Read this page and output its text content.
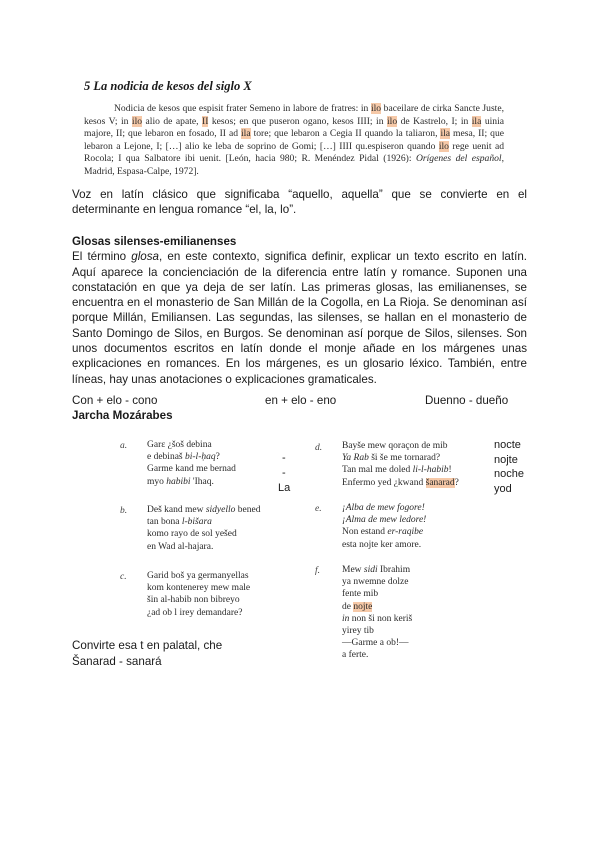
5 La nodicia de kesos del siglo X
Nodicia de kesos que espisit frater Semeno in labore de fratres: in ilo baceilare de cirka Sancte Juste, kesos V; in ilo alio de apate, II kesos; en que puseron ogano, kesos IIII; in ilo de Kastrelo, I; in ila uinia majore, II; que lebaron en fosado, II ad ila tore; que lebaron a Cegia II quando la taliaron, ila mesa, II; que lebaron a Lejone, I; […] alio ke leba de soprino de Gomi; […] IIII qu.espiseron quando ilo rege uenit ad Rocola; I qua Salbatore ibi uenit. [León, hacia 980; R. Menéndez Pidal (1926): Orígenes del español, Madrid, Espasa-Calpe, 1972].
Voz en latín clásico que significaba “aquello, aquella” que se convierte en el determinante en lengua romance “el, la, lo”.
Glosas silenses-emilianenses
El término glosa, en este contexto, significa definir, explicar un texto escrito en latín. Aquí aparece la concienciación de la diferencia entre latín y romance. Suponen una constatación en que ya deja de ser latín. Las primeras glosas, las emilianenses, se encuentra en el monasterio de San Millán de la Cogolla, en La Rioja. Se denominan así porque Millán, Emiliansen. Las segundas, las silenses, se hallan en el monasterio de Santo Domingo de Silos, en Burgos. Se denominan así porque de Silos, silenses. Son unos documentos escritos en latín donde el monje añade en los márgenes unas explicaciones en romances. En los márgenes, es un glosario léxico. También, entre líneas, hay unas anotaciones o explicaciones gramaticales.
Con + elo - cono	en + elo - eno	Duenno - dueño
Jarcha Mozárabes
a. Garε ¿šoš debina
e debinaš bi-l-ḥaq?
Garme kand me bernad
myo habibi 'Ihaq.
-
-
La
b. Deš kand mew sidyello bened
tan bona l-bišara
komo rayo de sol yešed
en Wad al-hajara.
c. Garid boš ya germanyellas
kom kontenerey mew male
šin al-habib non bibreyo
¿ad ob l irey demandare?
d. Bayše mew qoraçon de mib
Ya Rab ši še me tornarad?
Tan mal me doled li-l-habib!
Enfermo yed ¿kwand šanarad?
nocte
nojte
noche
yod
e. ¡Alba de mew fogore!
¡Alma de mew ledore!
Non estand er-raqibe
esta nojte ker amore.
f. Mew sidi Ibrahim
ya nwemne dolze
fente mib
de nojte
in non ši non keriš
yirey tib
—Garme a ob!—
a ferte.
Convirte esa t en palatal, che
Šanarad - sanará
